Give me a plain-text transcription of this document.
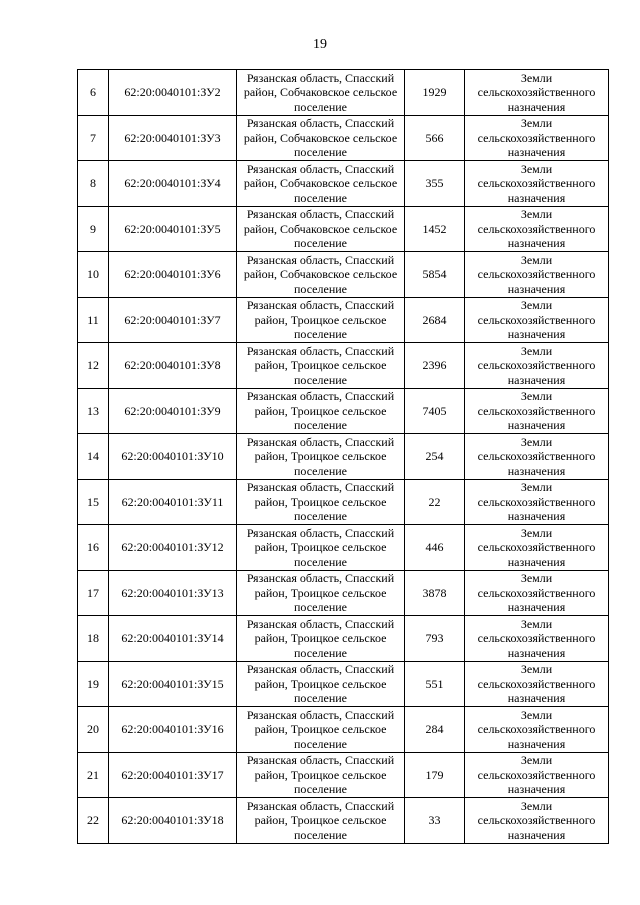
19
6	62:20:0040101:ЗУ2	Рязанская область, Спасский район, Собчаковское сельское поселение	1929	Земли сельскохозяйственного назначения
7	62:20:0040101:ЗУ3	Рязанская область, Спасский район, Собчаковское сельское поселение	566	Земли сельскохозяйственного назначения
8	62:20:0040101:ЗУ4	Рязанская область, Спасский район, Собчаковское сельское поселение	355	Земли сельскохозяйственного назначения
9	62:20:0040101:ЗУ5	Рязанская область, Спасский район, Собчаковское сельское поселение	1452	Земли сельскохозяйственного назначения
10	62:20:0040101:ЗУ6	Рязанская область, Спасский район, Собчаковское сельское поселение	5854	Земли сельскохозяйственного назначения
11	62:20:0040101:ЗУ7	Рязанская область, Спасский район, Троицкое сельское поселение	2684	Земли сельскохозяйственного назначения
12	62:20:0040101:ЗУ8	Рязанская область, Спасский район, Троицкое сельское поселение	2396	Земли сельскохозяйственного назначения
13	62:20:0040101:ЗУ9	Рязанская область, Спасский район, Троицкое сельское поселение	7405	Земли сельскохозяйственного назначения
14	62:20:0040101:ЗУ10	Рязанская область, Спасский район, Троицкое сельское поселение	254	Земли сельскохозяйственного назначения
15	62:20:0040101:ЗУ11	Рязанская область, Спасский район, Троицкое сельское поселение	22	Земли сельскохозяйственного назначения
16	62:20:0040101:ЗУ12	Рязанская область, Спасский район, Троицкое сельское поселение	446	Земли сельскохозяйственного назначения
17	62:20:0040101:ЗУ13	Рязанская область, Спасский район, Троицкое сельское поселение	3878	Земли сельскохозяйственного назначения
18	62:20:0040101:ЗУ14	Рязанская область, Спасский район, Троицкое сельское поселение	793	Земли сельскохозяйственного назначения
19	62:20:0040101:ЗУ15	Рязанская область, Спасский район, Троицкое сельское поселение	551	Земли сельскохозяйственного назначения
20	62:20:0040101:ЗУ16	Рязанская область, Спасский район, Троицкое сельское поселение	284	Земли сельскохозяйственного назначения
21	62:20:0040101:ЗУ17	Рязанская область, Спасский район, Троицкое сельское поселение	179	Земли сельскохозяйственного назначения
22	62:20:0040101:ЗУ18	Рязанская область, Спасский район, Троицкое сельское поселение	33	Земли сельскохозяйственного назначения
